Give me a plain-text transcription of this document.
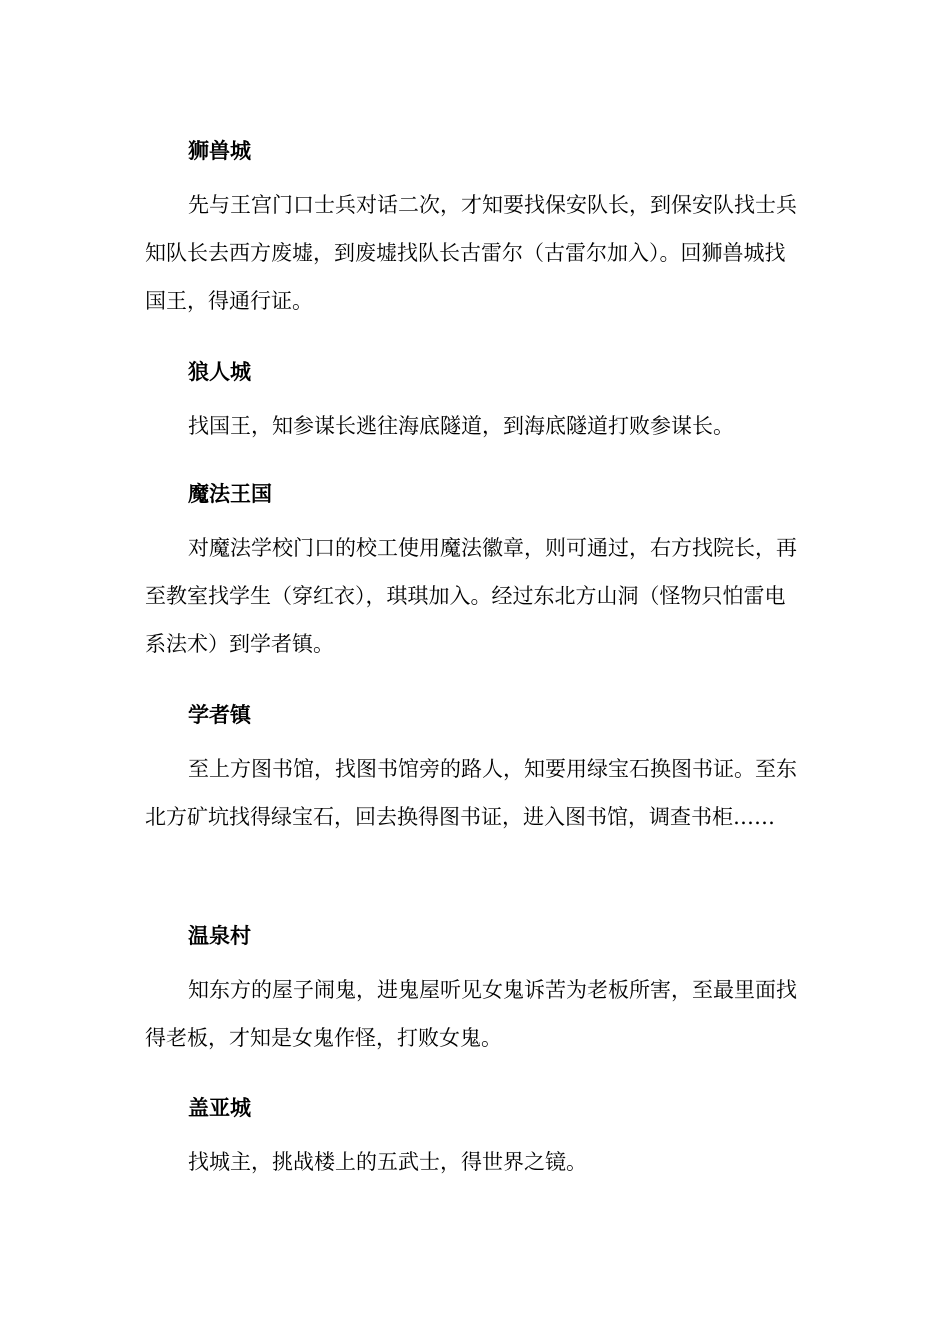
狮兽城

先与王宫门口士兵对话二次，才知要找保安队长，到保安队找士兵知队长去西方废墟，到废墟找队长古雷尔（古雷尔加入）。回狮兽城找国王，得通行证。

狼人城

找国王，知参谋长逃往海底隧道，到海底隧道打败参谋长。

魔法王国

对魔法学校门口的校工使用魔法徽章，则可通过，右方找院长，再至教室找学生（穿红衣），琪琪加入。经过东北方山洞（怪物只怕雷电系法术）到学者镇。

学者镇

至上方图书馆，找图书馆旁的路人，知要用绿宝石换图书证。至东北方矿坑找得绿宝石，回去换得图书证，进入图书馆，调查书柜……

温泉村

知东方的屋子闹鬼，进鬼屋听见女鬼诉苦为老板所害，至最里面找得老板，才知是女鬼作怪，打败女鬼。

盖亚城

找城主，挑战楼上的五武士，得世界之镜。
